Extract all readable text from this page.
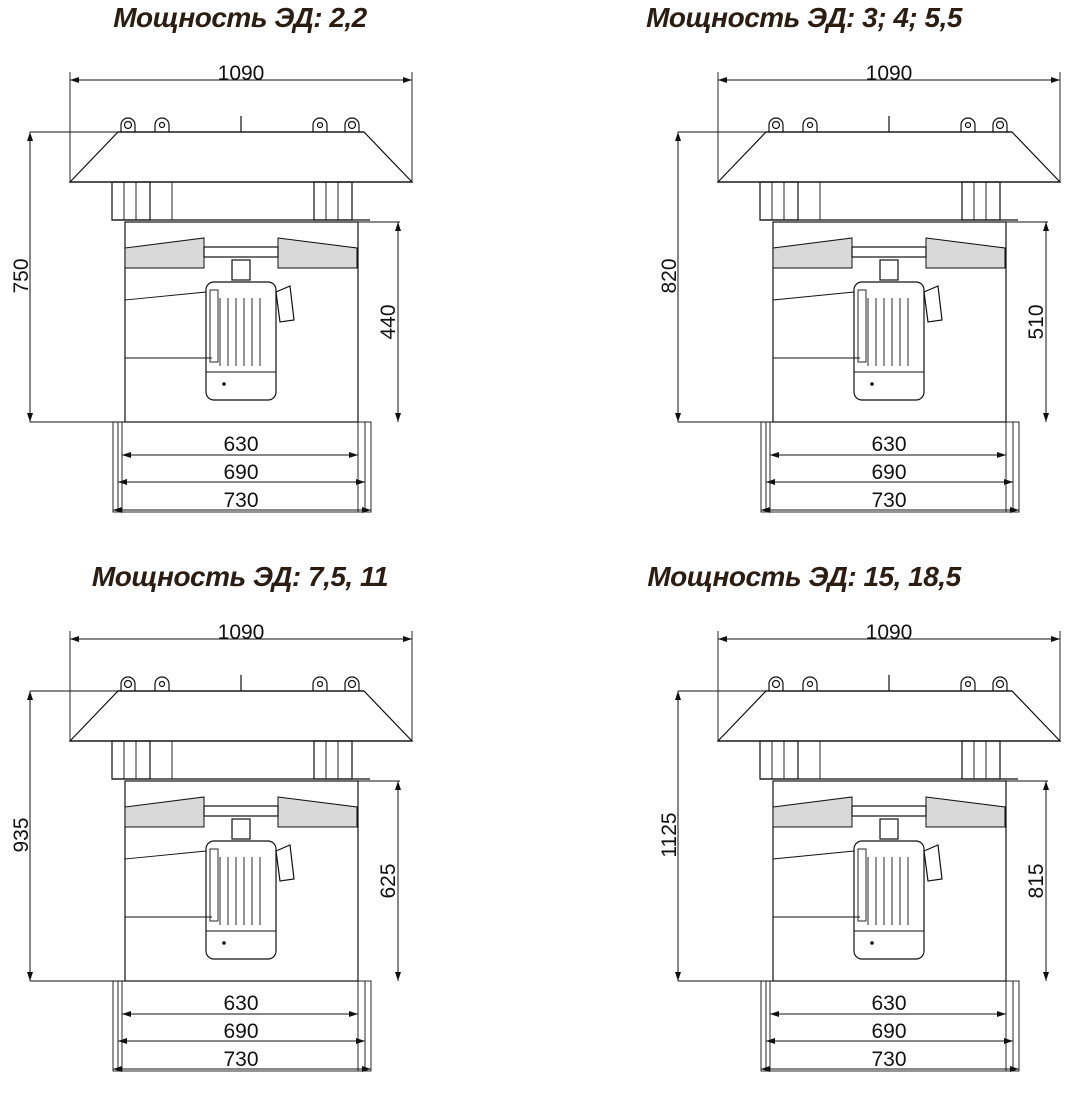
Мощность ЭД: 2,2
1090
750
440
630
690
730
Мощность ЭД: 3; 4; 5,5
1090
820
510
630
690
730
Мощность ЭД: 7,5, 11
1090
935
625
630
690
730
Мощность ЭД: 15, 18,5
1090
1125
815
630
690
730
